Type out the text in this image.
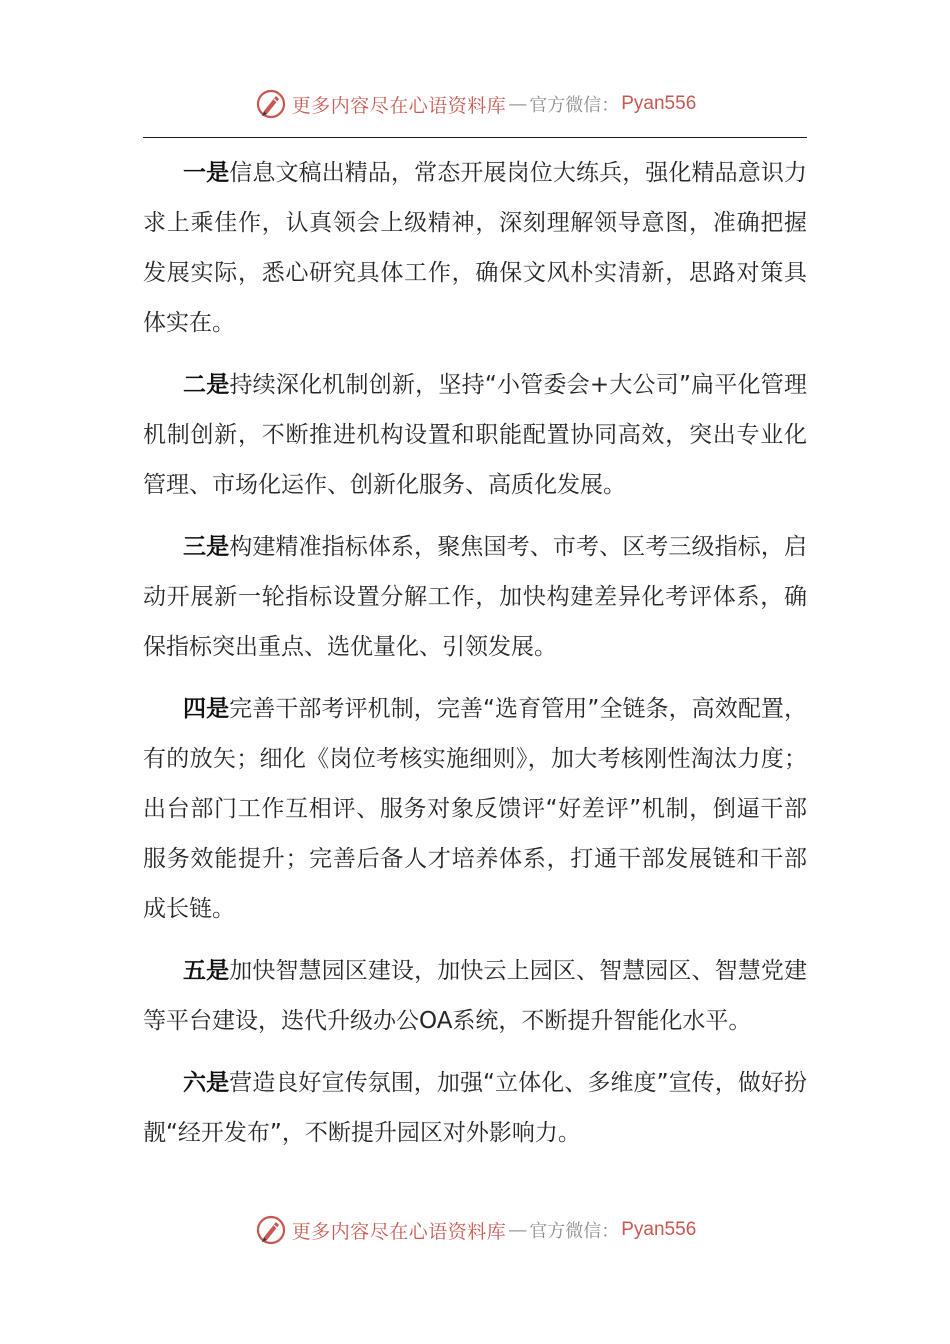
更多内容尽在心语资料库 — 官方微信： Pyan556

一是信息文稿出精品，常态开展岗位大练兵，强化精品意识力求上乘佳作，认真领会上级精神，深刻理解领导意图，准确把握发展实际，悉心研究具体工作，确保文风朴实清新，思路对策具体实在。

二是持续深化机制创新，坚持“小管委会+大公司”扁平化管理机制创新，不断推进机构设置和职能配置协同高效，突出专业化管理、市场化运作、创新化服务、高质化发展。

三是构建精准指标体系，聚焦国考、市考、区考三级指标，启动开展新一轮指标设置分解工作，加快构建差异化考评体系，确保指标突出重点、选优量化、引领发展。

四是完善干部考评机制，完善“选育管用”全链条，高效配置，有的放矢；细化《岗位考核实施细则》，加大考核刚性淘汰力度；出台部门工作互相评、服务对象反馈评“好差评”机制，倒逼干部服务效能提升；完善后备人才培养体系，打通干部发展链和干部成长链。

五是加快智慧园区建设，加快云上园区、智慧园区、智慧党建等平台建设，迭代升级办公OA系统，不断提升智能化水平。

六是营造良好宣传氛围，加强“立体化、多维度”宣传，做好扮靓“经开发布”，不断提升园区对外影响力。

更多内容尽在心语资料库 — 官方微信： Pyan556
